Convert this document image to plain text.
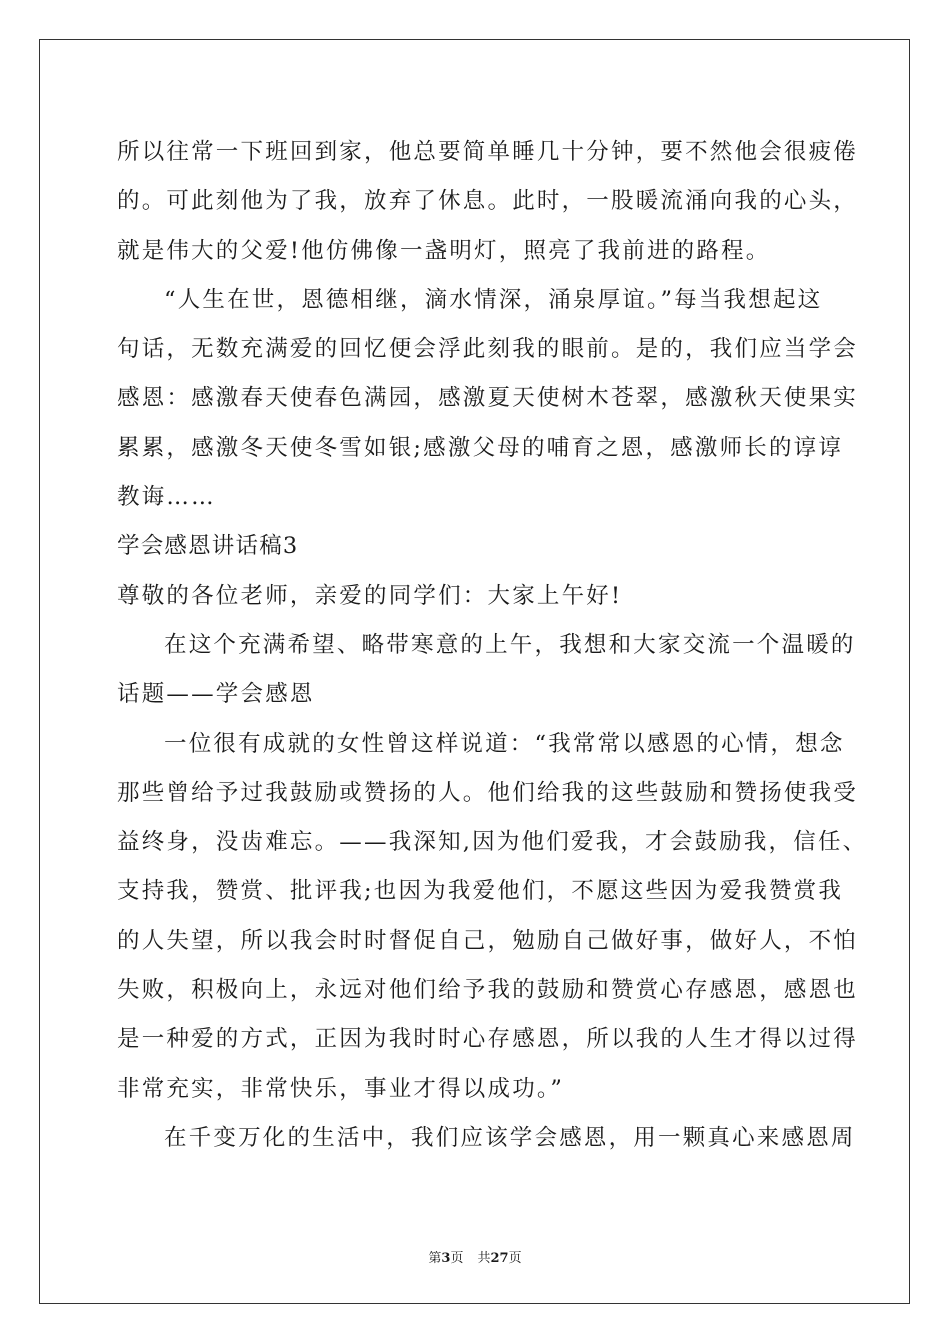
所以往常一下班回到家，他总要简单睡几十分钟，要不然他会很疲倦
的。可此刻他为了我，放弃了休息。此时，一股暖流涌向我的心头，
就是伟大的父爱!他仿佛像一盏明灯，照亮了我前进的路程。
“人生在世，恩德相继，滴水情深，涌泉厚谊。”每当我想起这
句话，无数充满爱的回忆便会浮此刻我的眼前。是的，我们应当学会
感恩：感激春天使春色满园，感激夏天使树木苍翠，感激秋天使果实
累累，感激冬天使冬雪如银;感激父母的哺育之恩，感激师长的谆谆
教诲……
学会感恩讲话稿3
尊敬的各位老师，亲爱的同学们：大家上午好!
在这个充满希望、略带寒意的上午，我想和大家交流一个温暖的
话题——学会感恩
一位很有成就的女性曾这样说道：“我常常以感恩的心情，想念
那些曾给予过我鼓励或赞扬的人。他们给我的这些鼓励和赞扬使我受
益终身，没齿难忘。——我深知,因为他们爱我，才会鼓励我，信任、
支持我，赞赏、批评我;也因为我爱他们，不愿这些因为爱我赞赏我
的人失望，所以我会时时督促自己，勉励自己做好事，做好人，不怕
失败，积极向上，永远对他们给予我的鼓励和赞赏心存感恩，感恩也
是一种爱的方式，正因为我时时心存感恩，所以我的人生才得以过得
非常充实，非常快乐，事业才得以成功。”
在千变万化的生活中，我们应该学会感恩，用一颗真心来感恩周
第3页 共27页
